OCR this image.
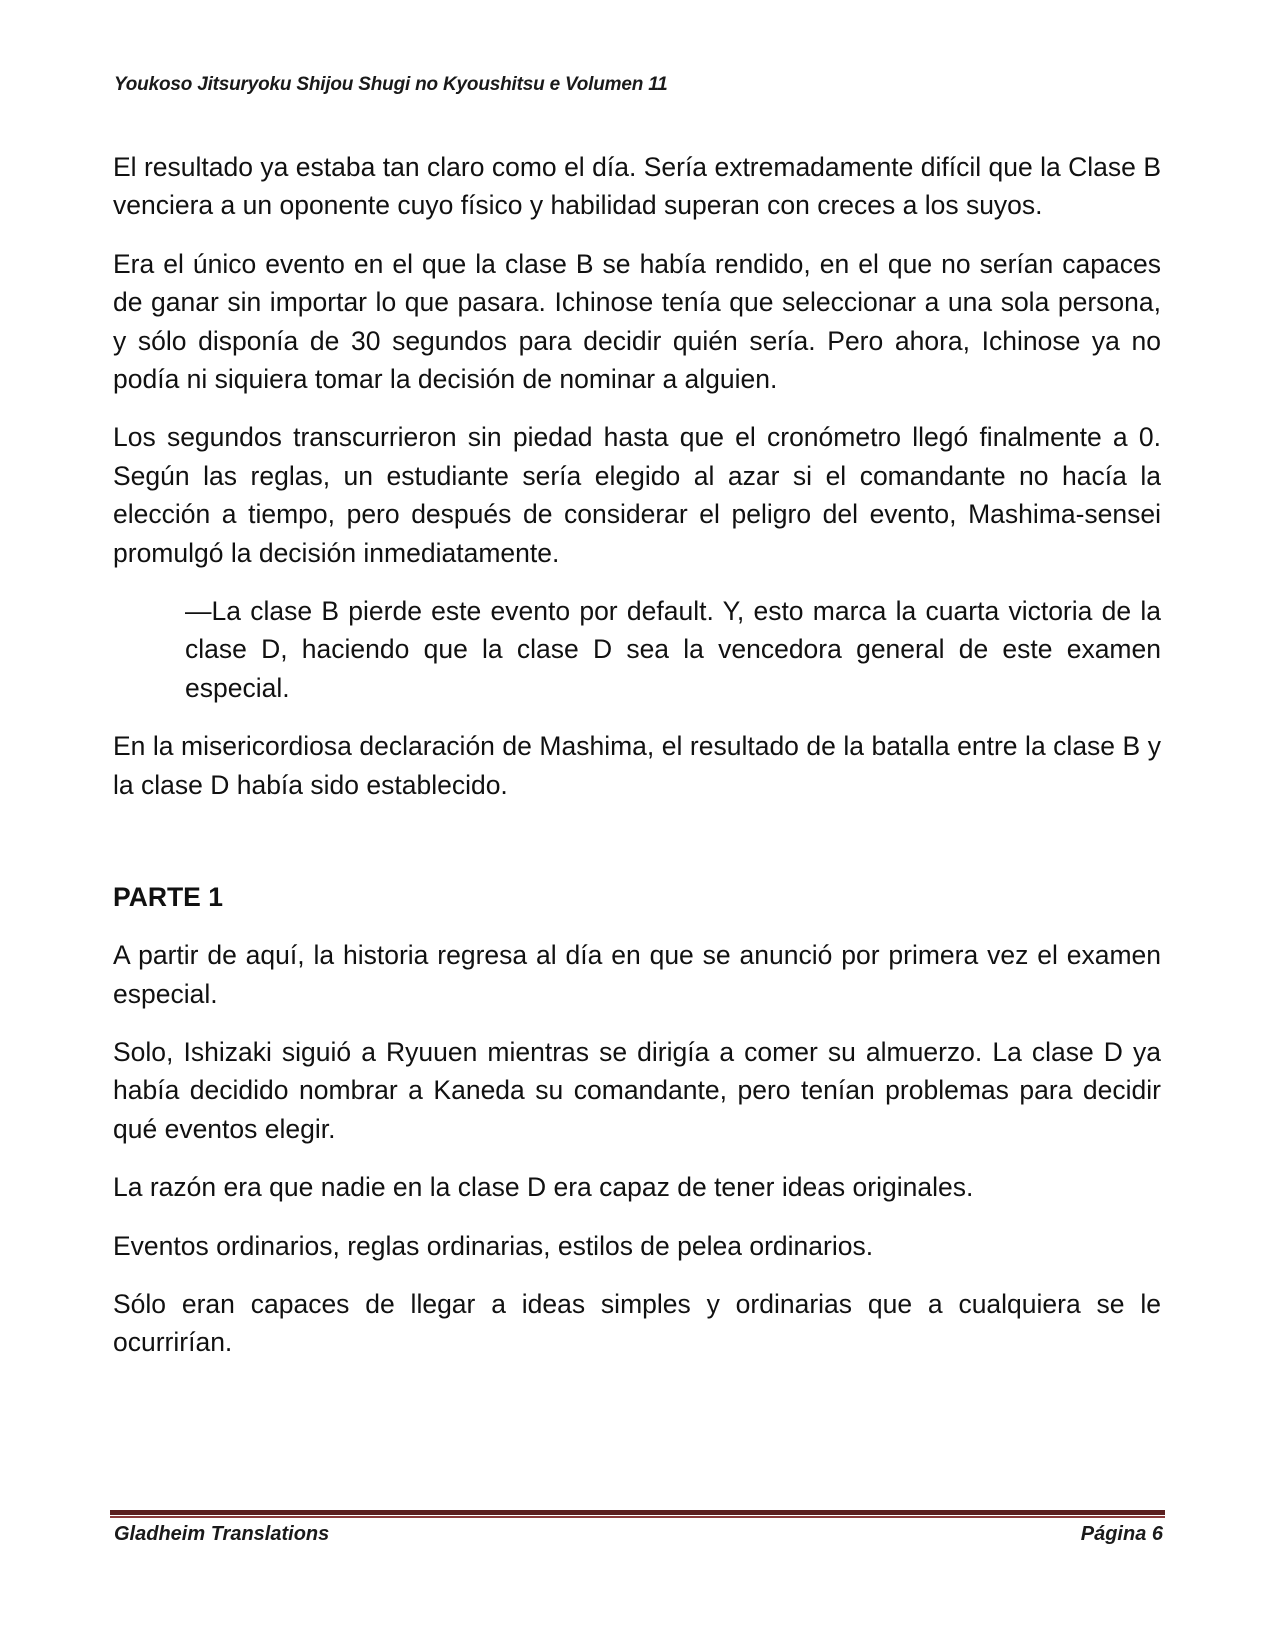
Youkoso Jitsuryoku Shijou Shugi no Kyoushitsu e Volumen 11

El resultado ya estaba tan claro como el día. Sería extremadamente difícil que la Clase B venciera a un oponente cuyo físico y habilidad superan con creces a los suyos.

Era el único evento en el que la clase B se había rendido, en el que no serían capaces de ganar sin importar lo que pasara. Ichinose tenía que seleccionar a una sola persona, y sólo disponía de 30 segundos para decidir quién sería. Pero ahora, Ichinose ya no podía ni siquiera tomar la decisión de nominar a alguien.

Los segundos transcurrieron sin piedad hasta que el cronómetro llegó finalmente a 0. Según las reglas, un estudiante sería elegido al azar si el comandante no hacía la elección a tiempo, pero después de considerar el peligro del evento, Mashima-sensei promulgó la decisión inmediatamente.

—La clase B pierde este evento por default. Y, esto marca la cuarta victoria de la clase D, haciendo que la clase D sea la vencedora general de este examen especial.

En la misericordiosa declaración de Mashima, el resultado de la batalla entre la clase B y la clase D había sido establecido.

PARTE 1

A partir de aquí, la historia regresa al día en que se anunció por primera vez el examen especial.

Solo, Ishizaki siguió a Ryuuen mientras se dirigía a comer su almuerzo. La clase D ya había decidido nombrar a Kaneda su comandante, pero tenían problemas para decidir qué eventos elegir.

La razón era que nadie en la clase D era capaz de tener ideas originales.

Eventos ordinarios, reglas ordinarias, estilos de pelea ordinarios.

Sólo eran capaces de llegar a ideas simples y ordinarias que a cualquiera se le ocurrirían.

Gladheim Translations	Página 6
